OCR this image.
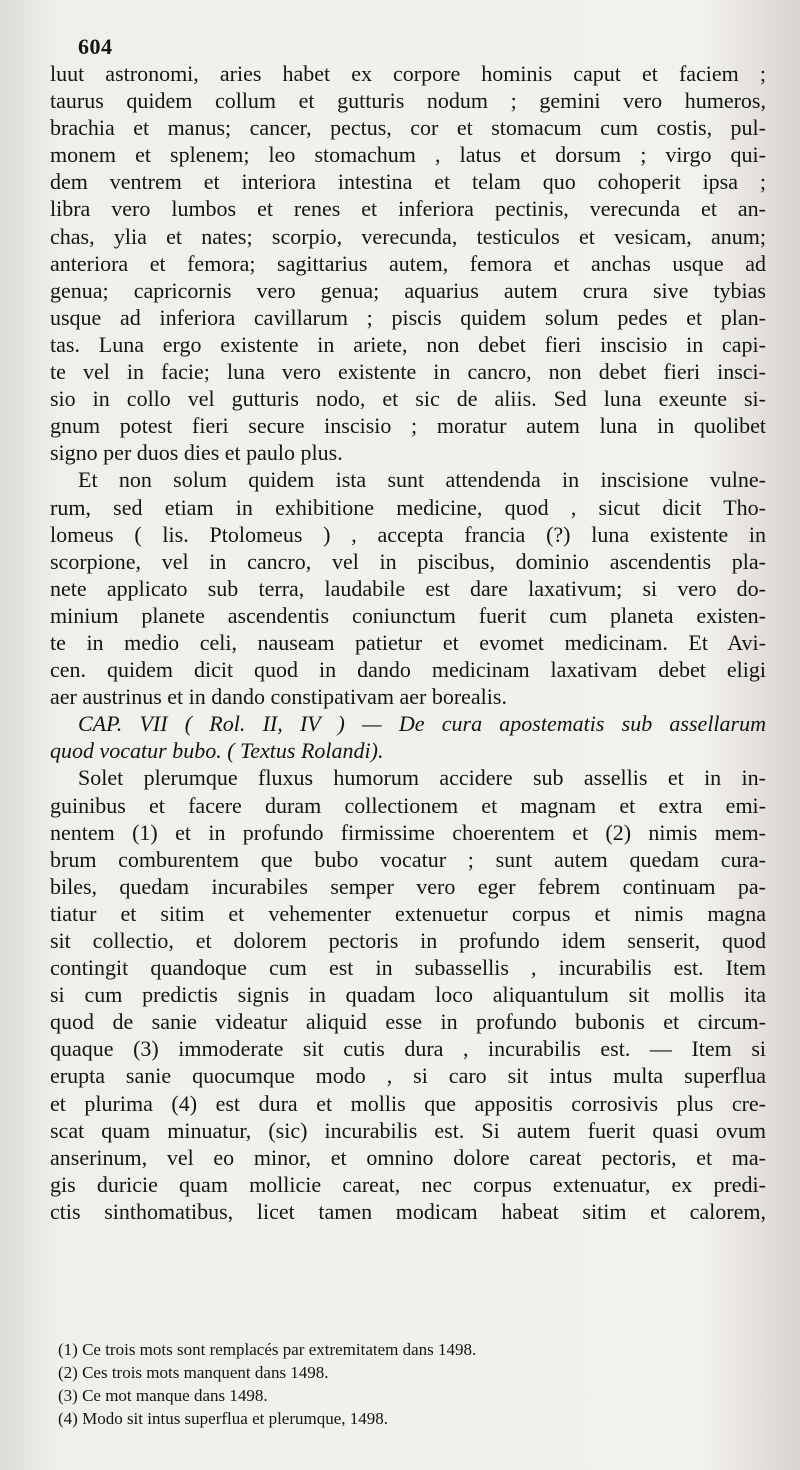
604
luut astronomi, aries habet ex corpore hominis caput et faciem ;
taurus quidem collum et gutturis nodum ; gemini vero humeros,
brachia et manus; cancer, pectus, cor et stomacum cum costis, pul-
monem et splenem; leo stomachum , latus et dorsum ; virgo qui-
dem ventrem et interiora intestina et telam quo cohoperit ipsa ;
libra vero lumbos et renes et inferiora pectinis, verecunda et an-
chas, ylia et nates; scorpio, verecunda, testiculos et vesicam, anum;
anteriora et femora; sagittarius autem, femora et anchas usque ad
genua; capricornis vero genua; aquarius autem crura sive tybias
usque ad inferiora cavillarum ; piscis quidem solum pedes et plan-
tas. Luna ergo existente in ariete, non debet fieri inscisio in capi-
te vel in facie; luna vero existente in cancro, non debet fieri insci-
sio in collo vel gutturis nodo, et sic de aliis. Sed luna exeunte si-
gnum potest fieri secure inscisio ; moratur autem luna in quolibet
signo per duos dies et paulo plus.
Et non solum quidem ista sunt attendenda in inscisione vulne-
rum, sed etiam in exhibitione medicine, quod , sicut dicit Tho-
lomeus ( lis. Ptolomeus ) , accepta francia (?) luna existente in
scorpione, vel in cancro, vel in piscibus, dominio ascendentis pla-
nete applicato sub terra, laudabile est dare laxativum; si vero do-
minium planete ascendentis coniunctum fuerit cum planeta existen-
te in medio celi, nauseam patietur et evomet medicinam. Et Avi-
cen. quidem dicit quod in dando medicinam laxativam debet eligi
aer austrinus et in dando constipativam aer borealis.
CAP. VII ( Rol. II, IV ) — De cura apostematis sub assellarum
quod vocatur bubo. ( Textus Rolandi).
Solet plerumque fluxus humorum accidere sub assellis et in in-
guinibus et facere duram collectionem et magnam et extra emi-
nentem (1) et in profundo firmissime choerentem et (2) nimis mem-
brum comburentem que bubo vocatur ; sunt autem quedam cura-
biles, quedam incurabiles semper vero eger febrem continuam pa-
tiatur et sitim et vehementer extenuetur corpus et nimis magna
sit collectio, et dolorem pectoris in profundo idem senserit, quod
contingit quandoque cum est in subassellis , incurabilis est. Item
si cum predictis signis in quadam loco aliquantulum sit mollis ita
quod de sanie videatur aliquid esse in profundo bubonis et circum-
quaque (3) immoderate sit cutis dura , incurabilis est. — Item si
erupta sanie quocumque modo , si caro sit intus multa superflua
et plurima (4) est dura et mollis que appositis corrosivis plus cre-
scat quam minuatur, (sic) incurabilis est. Si autem fuerit quasi ovum
anserinum, vel eo minor, et omnino dolore careat pectoris, et ma-
gis duricie quam mollicie careat, nec corpus extenuatur, ex predi-
ctis sinthomatibus, licet tamen modicam habeat sitim et calorem,
(1) Ce trois mots sont remplacés par extremitatem dans 1498.
(2) Ces trois mots manquent dans 1498.
(3) Ce mot manque dans 1498.
(4) Modo sit intus superflua et plerumque, 1498.
